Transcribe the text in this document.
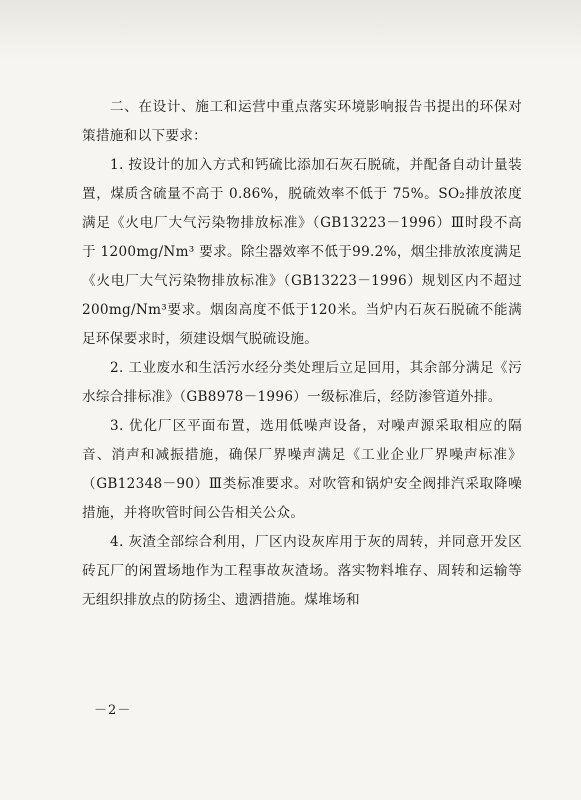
二、在设计、施工和运营中重点落实环境影响报告书提出的环保对策措施和以下要求：

1. 按设计的加入方式和钙硫比添加石灰石脱硫，并配备自动计量装置，煤质含硫量不高于 0.86%，脱硫效率不低于 75%。SO₂排放浓度满足《火电厂大气污染物排放标准》（GB13223－1996）Ⅲ时段不高于 1200mg/Nm³ 要求。除尘器效率不低于99.2%，烟尘排放浓度满足《火电厂大气污染物排放标准》（GB13223－1996）规划区内不超过 200mg/Nm³要求。烟囱高度不低于120米。当炉内石灰石脱硫不能满足环保要求时，须建设烟气脱硫设施。

2. 工业废水和生活污水经分类处理后立足回用，其余部分满足《污水综合排标准》（GB8978－1996）一级标准后，经防渗管道外排。

3. 优化厂区平面布置，选用低噪声设备，对噪声源采取相应的隔音、消声和减振措施，确保厂界噪声满足《工业企业厂界噪声标准》（GB12348－90）Ⅲ类标准要求。对吹管和锅炉安全阀排汽采取降噪措施，并将吹管时间公告相关公众。

4. 灰渣全部综合利用，厂区内设灰库用于灰的周转，并同意开发区砖瓦厂的闲置场地作为工程事故灰渣场。落实物料堆存、周转和运输等无组织排放点的防扬尘、遗洒措施。煤堆场和

－2－
